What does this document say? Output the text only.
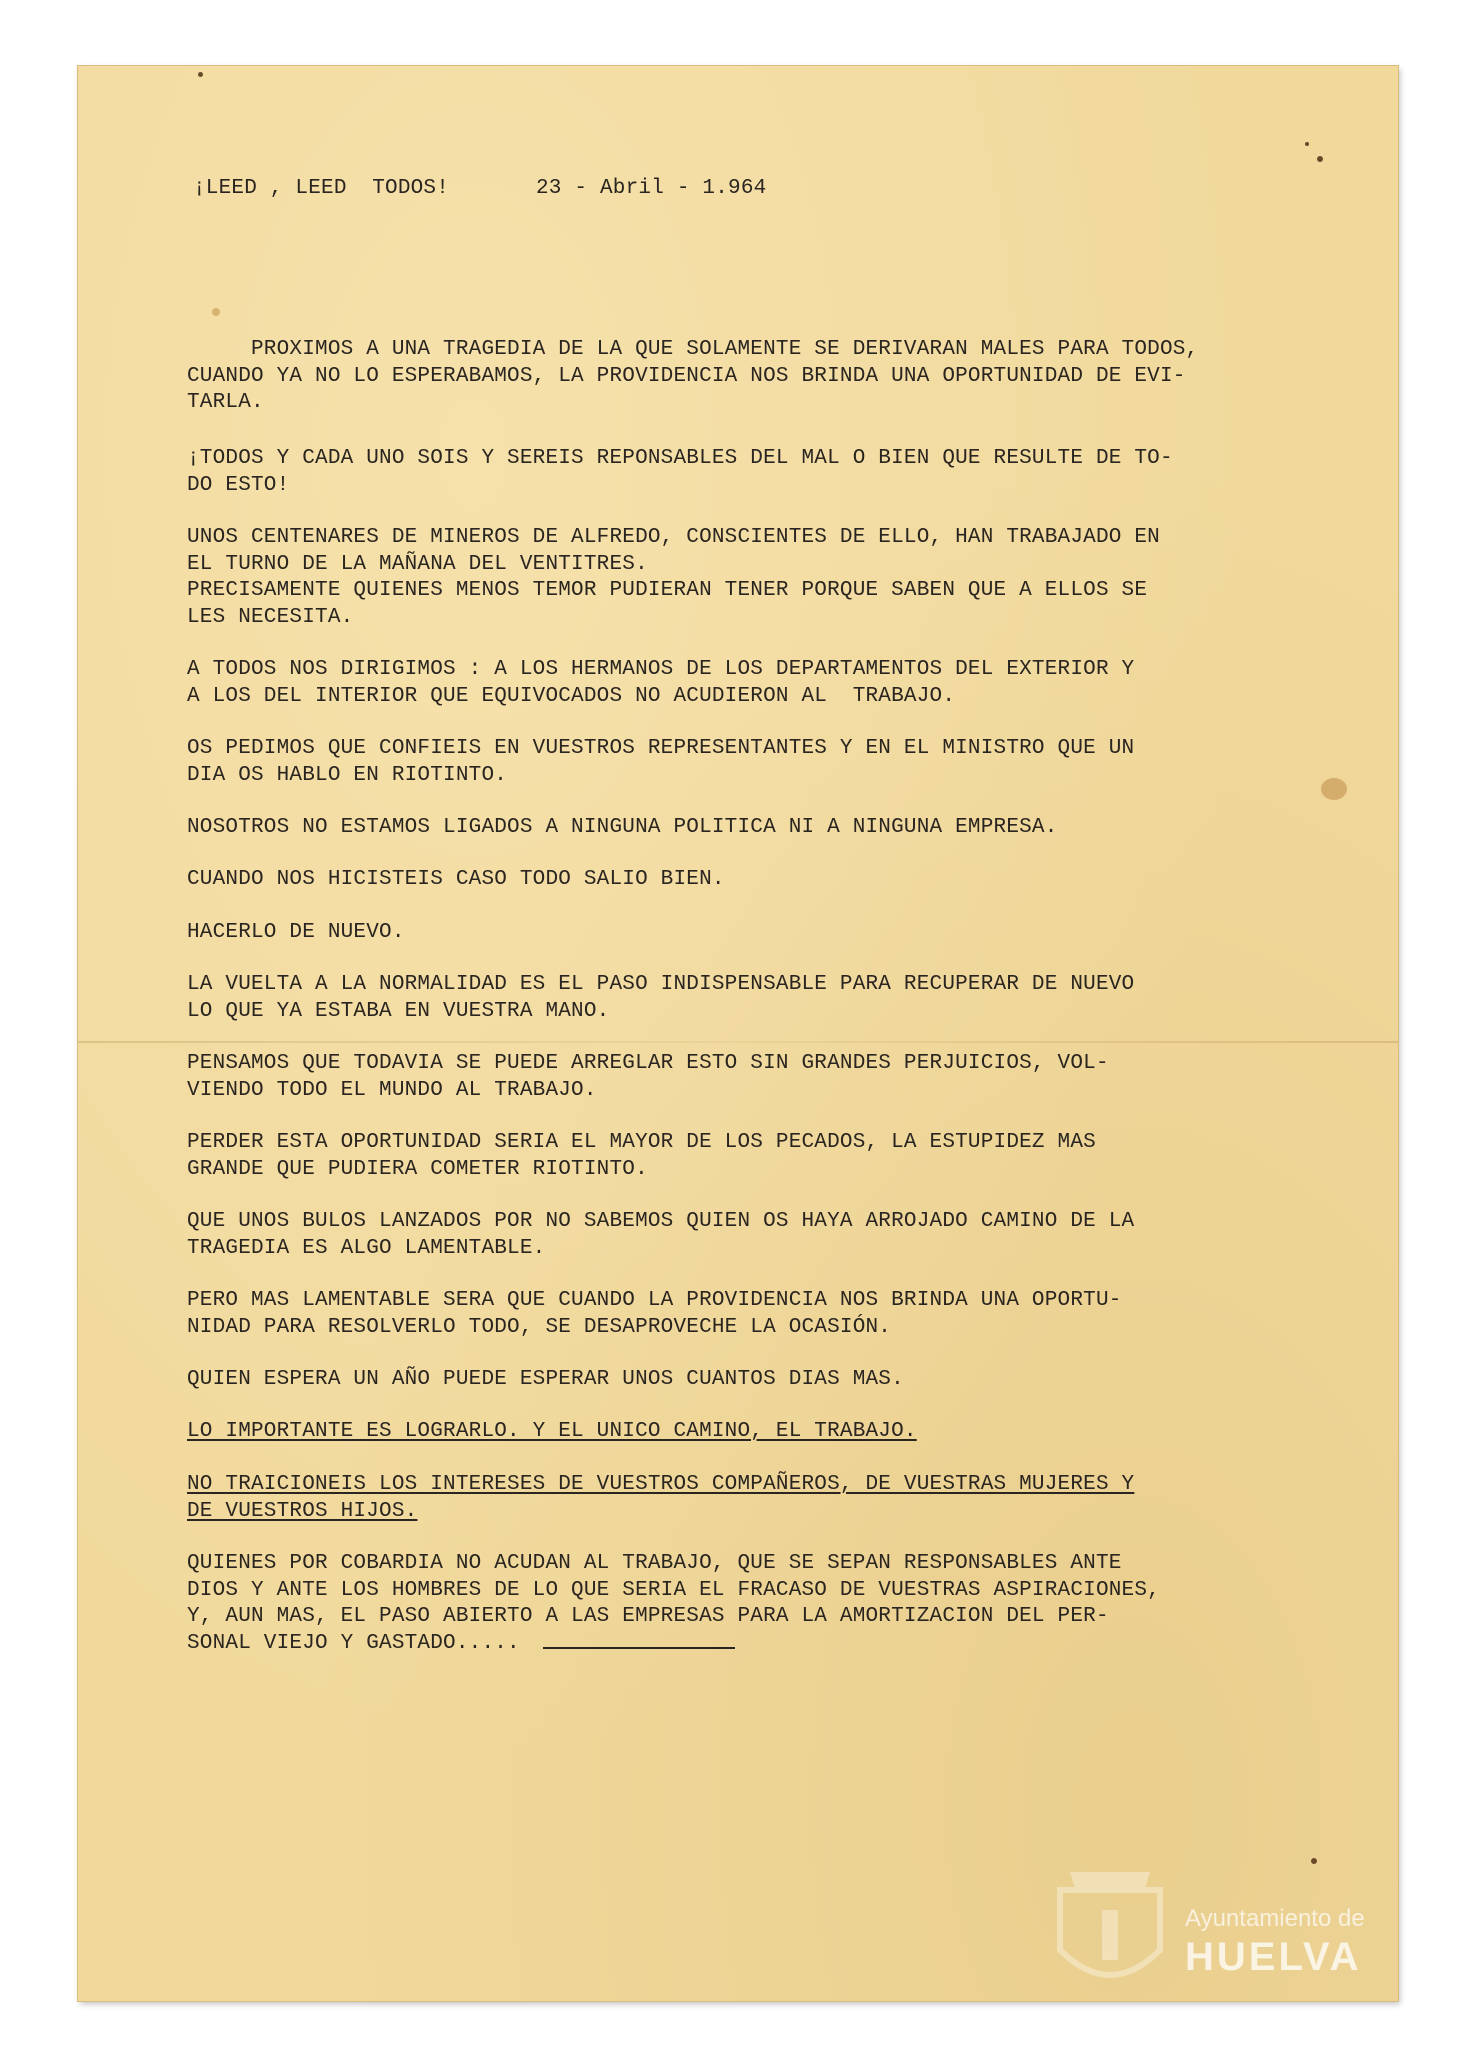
¡LEED , LEED  TODOS!	23 - Abril - 1.964

PROXIMOS A UNA TRAGEDIA DE LA QUE SOLAMENTE SE DERIVARAN MALES PARA TODOS,
CUANDO YA NO LO ESPERABAMOS, LA PROVIDENCIA NOS BRINDA UNA OPORTUNIDAD DE EVI-
TARLA.

¡TODOS Y CADA UNO SOIS Y SEREIS REPONSABLES DEL MAL O BIEN QUE RESULTE DE TO-
DO ESTO!

UNOS CENTENARES DE MINEROS DE ALFREDO, CONSCIENTES DE ELLO, HAN TRABAJADO EN
EL TURNO DE LA MAÑANA DEL VENTITRES.
PRECISAMENTE QUIENES MENOS TEMOR PUDIERAN TENER PORQUE SABEN QUE A ELLOS SE
LES NECESITA.

A TODOS NOS DIRIGIMOS : A LOS HERMANOS DE LOS DEPARTAMENTOS DEL EXTERIOR Y
A LOS DEL INTERIOR QUE EQUIVOCADOS NO ACUDIERON AL  TRABAJO.

OS PEDIMOS QUE CONFIEIS EN VUESTROS REPRESENTANTES Y EN EL MINISTRO QUE UN
DIA OS HABLO EN RIOTINTO.

NOSOTROS NO ESTAMOS LIGADOS A NINGUNA POLITICA NI A NINGUNA EMPRESA.

CUANDO NOS HICISTEIS CASO TODO SALIO BIEN.

HACERLO DE NUEVO.

LA VUELTA A LA NORMALIDAD ES EL PASO INDISPENSABLE PARA RECUPERAR DE NUEVO
LO QUE YA ESTABA EN VUESTRA MANO.

PENSAMOS QUE TODAVIA SE PUEDE ARREGLAR ESTO SIN GRANDES PERJUICIOS, VOL-
VIENDO TODO EL MUNDO AL TRABAJO.

PERDER ESTA OPORTUNIDAD SERIA EL MAYOR DE LOS PECADOS, LA ESTUPIDEZ MAS
GRANDE QUE PUDIERA COMETER RIOTINTO.

QUE UNOS BULOS LANZADOS POR NO SABEMOS QUIEN OS HAYA ARROJADO CAMINO DE LA
TRAGEDIA ES ALGO LAMENTABLE.

PERO MAS LAMENTABLE SERA QUE CUANDO LA PROVIDENCIA NOS BRINDA UNA OPORTU-
NIDAD PARA RESOLVERLO TODO, SE DESAPROVECHE LA OCASIÓN.

QUIEN ESPERA UN AÑO PUEDE ESPERAR UNOS CUANTOS DIAS MAS.

LO IMPORTANTE ES LOGRARLO. Y EL UNICO CAMINO, EL TRABAJO.

NO TRAICIONEIS LOS INTERESES DE VUESTROS COMPAÑEROS, DE VUESTRAS MUJERES Y
DE VUESTROS HIJOS.

QUIENES POR COBARDIA NO ACUDAN AL TRABAJO, QUE SE SEPAN RESPONSABLES ANTE
DIOS Y ANTE LOS HOMBRES DE LO QUE SERIA EL FRACASO DE VUESTRAS ASPIRACIONES,
Y, AUN MAS, EL PASO ABIERTO A LAS EMPRESAS PARA LA AMORTIZACION DEL PER-
SONAL VIEJO Y GASTADO.....

Ayuntamiento de
HUELVA
